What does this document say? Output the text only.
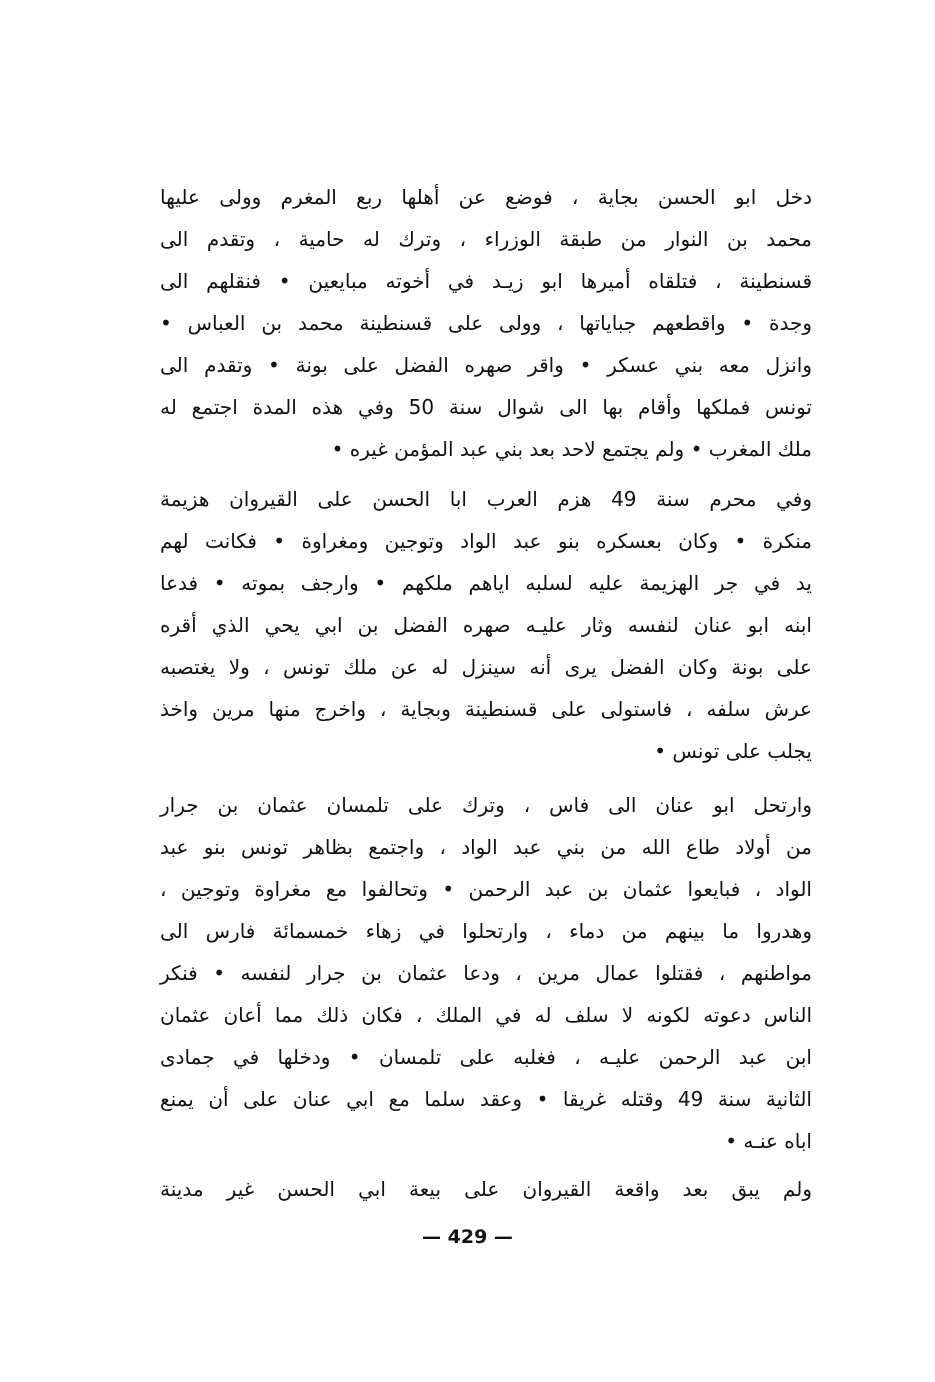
دخل ابو الحسن بجاية ، فوضع عن أهلها ربع المغرم وولى عليها
محمد بن النوار من طبقة الوزراء ، وترك له حامية ، وتقدم الى
قسنطينة ، فتلقاه أميرها ابو زيـد في أخوته مبايعين • فنقلهم الى
وجدة • واقطعهم جباياتها ، وولى على قسنطينة محمد بن العباس •
وانزل معه بني عسكر • واقر صهره الفضل على بونة • وتقدم الى
تونس فملكها وأقام بها الى شوال سنة 50 وفي هذه المدة اجتمع له
ملك المغرب • ولم يجتمع لاحد بعد بني عبد المؤمن غيره •
وفي محرم سنة 49 هزم العرب ابا الحسن على القيروان هزيمة
منكرة • وكان بعسكره بنو عبد الواد وتوجين ومغراوة • فكانت لهم
يد في جر الهزيمة عليه لسلبه اياهم ملكهم • وارجف بموته • فدعا
ابنه ابو عنان لنفسه وثار عليـه صهره الفضل بن ابي يحي الذي أقره
على بونة وكان الفضل يرى أنه سينزل له عن ملك تونس ، ولا يغتصبه
عرش سلفه ، فاستولى على قسنطينة وبجاية ، واخرج منها مرين واخذ
يجلب على تونس •
وارتحل ابو عنان الى فاس ، وترك على تلمسان عثمان بن جرار
من أولاد طاع الله من بني عبد الواد ، واجتمع بظاهر تونس بنو عبد
الواد ، فبايعوا عثمان بن عبد الرحمن • وتحالفوا مع مغراوة وتوجين ،
وهدروا ما بينهم من دماء ، وارتحلوا في زهاء خمسمائة فارس الى
مواطنهم ، فقتلوا عمال مرين ، ودعا عثمان بن جرار لنفسه • فنكر
الناس دعوته لكونه لا سلف له في الملك ، فكان ذلك مما أعان عثمان
ابن عبد الرحمن عليـه ، فغلبه على تلمسان • ودخلها في جمادى
الثانية سنة 49 وقتله غريقا • وعقد سلما مع ابي عنان على أن يمنع
اباه عنـه •
ولم يبق بعد واقعة القيروان على بيعة ابي الحسن غير مدينة
— 429 —
